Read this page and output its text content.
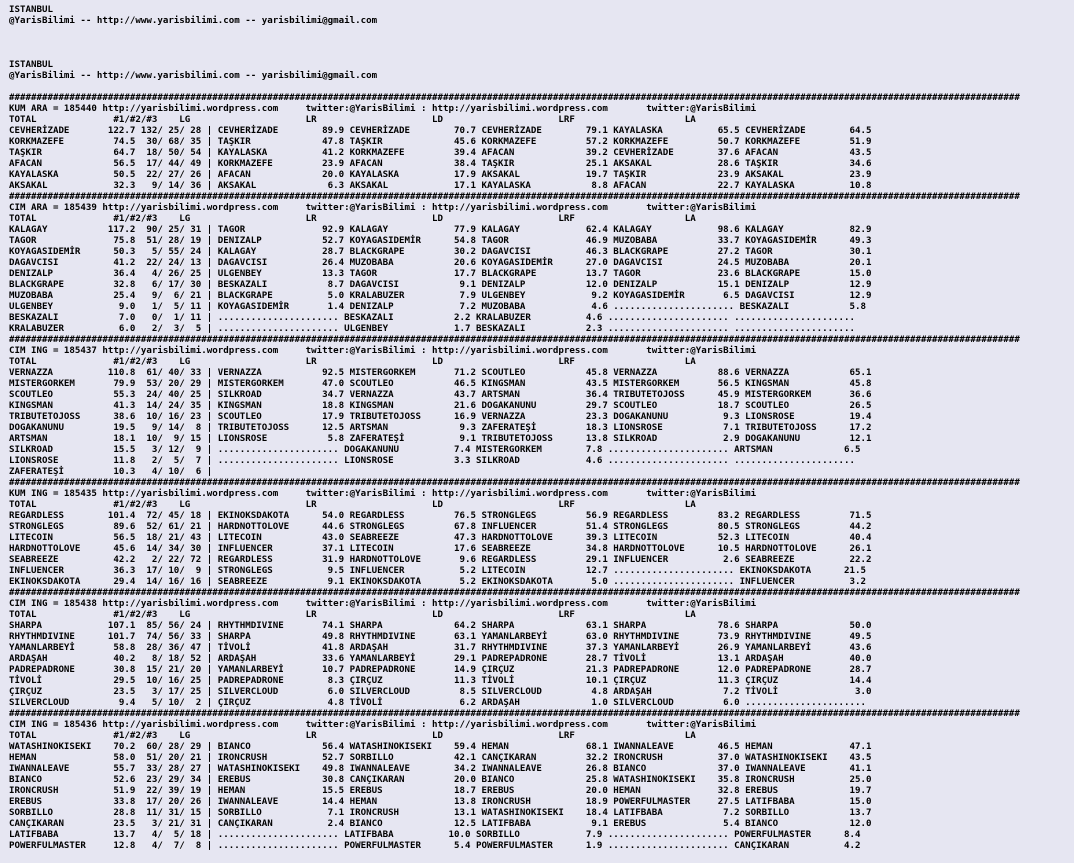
ISTANBUL
@YarisBilimi -- http://www.yarisbilimi.com -- yarisbilimi@gmail.com

ISTANBUL
@YarisBilimi -- http://www.yarisbilimi.com -- yarisbilimi@gmail.com

########################################################################################################################################################################################
KUM ARA = 185440 http://yarisbilimi.wordpress.com     twitter:@YarisBilimi : http://yarisbilimi.wordpress.com       twitter:@YarisBilimi
TOTAL              #1/#2/#3    LG                     LR                     LD                     LRF                    LA
CEVHERİZADE       122.7 132/ 25/ 28 | CEVHERİZADE        89.9 CEVHERİZADE        70.7 CEVHERİZADE        79.1 KAYALASKA          65.5 CEVHERİZADE        64.5
KORKMAZEFE         74.5  30/ 68/ 35 | TAŞKIR             47.8 TAŞKIR             45.6 KORKMAZEFE         57.2 KORKMAZEFE         50.7 KORKMAZEFE         51.9
TAŞKIR             64.7  18/ 50/ 54 | KAYALASKA          41.2 KORKMAZEFE         39.4 AFACAN             39.2 CEVHERİZADE        37.6 AFACAN             43.5
AFACAN             56.5  17/ 44/ 49 | KORKMAZEFE         23.9 AFACAN             38.4 TAŞKIR             25.1 AKSAKAL            28.6 TAŞKIR             34.6
KAYALASKA          50.5  22/ 27/ 26 | AFACAN             20.0 KAYALASKA          17.9 AKSAKAL            19.7 TAŞKIR             23.9 AKSAKAL            23.9
AKSAKAL            32.3   9/ 14/ 36 | AKSAKAL             6.3 AKSAKAL            17.1 KAYALASKA           8.8 AFACAN             22.7 KAYALASKA          10.8
########################################################################################################################################################################################
CIM ARA = 185439 http://yarisbilimi.wordpress.com     twitter:@YarisBilimi : http://yarisbilimi.wordpress.com       twitter:@YarisBilimi
TOTAL              #1/#2/#3    LG                     LR                     LD                     LRF                    LA
KALAGAY           117.2  90/ 25/ 31 | TAGOR              92.9 KALAGAY            77.9 KALAGAY            62.4 KALAGAY            98.6 KALAGAY            82.9
TAGOR              75.8  51/ 28/ 19 | DENIZALP           52.7 KOYAGASIDEMİR      54.8 TAGOR              46.9 MUZOBABA           33.7 KOYAGASIDEMİR      49.3
KOYAGASIDEMİR      50.3   5/ 55/ 24 | KALAGAY            28.7 BLACKGRAPE         30.2 DAGAVCISI          46.3 BLACKGRAPE         27.2 TAGOR              30.1
DAGAVCISI          41.2  22/ 24/ 13 | DAGAVCISI          26.4 MUZOBABA           20.6 KOYAGASIDEMİR      27.0 DAGAVCISI          24.5 MUZOBABA           20.1
DENIZALP           36.4   4/ 26/ 25 | ULGENBEY           13.3 TAGOR              17.7 BLACKGRAPE         13.7 TAGOR              23.6 BLACKGRAPE         15.0
BLACKGRAPE         32.8   6/ 17/ 30 | BESKAZALI           8.7 DAGAVCISI           9.1 DENIZALP           12.0 DENIZALP           15.1 DENIZALP           12.9
MUZOBABA           25.4   9/  6/ 21 | BLACKGRAPE          5.0 KRALABUZER          7.9 ULGENBEY            9.2 KOYAGASIDEMİR       6.5 DAGAVCISI          12.9
ULGENBEY            9.0   1/  5/ 11 | KOYAGASIDEMİR       1.4 DENIZALP            7.2 MUZOBABA            4.6 ...................... BESKAZALI           5.8
BESKAZALI           7.0   0/  1/ 11 | ...................... BESKAZALI           2.2 KRALABUZER          4.6 ...................... ......................
KRALABUZER          6.0   2/  3/  5 | ...................... ULGENBEY            1.7 BESKAZALI           2.3 ...................... ......................
########################################################################################################################################################################################
CIM ING = 185437 http://yarisbilimi.wordpress.com     twitter:@YarisBilimi : http://yarisbilimi.wordpress.com       twitter:@YarisBilimi
TOTAL              #1/#2/#3    LG                     LR                     LD                     LRF                    LA
VERNAZZA          110.8  61/ 40/ 33 | VERNAZZA           92.5 MISTERGORKEM       71.2 SCOUTLEO           45.8 VERNAZZA           88.6 VERNAZZA           65.1
MISTERGORKEM       79.9  53/ 20/ 29 | MISTERGORKEM       47.0 SCOUTLEO           46.5 KINGSMAN           43.5 MISTERGORKEM       56.5 KINGSMAN           45.8
SCOUTLEO           55.3  24/ 40/ 25 | SILKROAD           34.7 VERNAZZA           43.7 ARTSMAN            36.4 TRIBUTETOJOSS      45.9 MISTERGORKEM       36.6
KINGSMAN           41.3  14/ 24/ 35 | KINGSMAN           18.8 KINGSMAN           21.6 DOGAKANUNU         29.7 SCOUTLEO           18.7 SCOUTLEO           26.5
TRIBUTETOJOSS      38.6  10/ 16/ 23 | SCOUTLEO           17.9 TRIBUTETOJOSS      16.9 VERNAZZA           23.3 DOGAKANUNU          9.3 LIONSROSE          19.4
DOGAKANUNU         19.5   9/ 14/  8 | TRIBUTETOJOSS      12.5 ARTSMAN             9.3 ZAFERATEŞİ         18.3 LIONSROSE           7.1 TRIBUTETOJOSS      17.2
ARTSMAN            18.1  10/  9/ 15 | LIONSROSE           5.8 ZAFERATEŞİ          9.1 TRIBUTETOJOSS      13.8 SILKROAD            2.9 DOGAKANUNU         12.1
SILKROAD           15.5   3/ 12/  9 | ...................... DOGAKANUNU          7.4 MISTERGORKEM        7.8 ...................... ARTSMAN             6.5
LIONSROSE          11.8   2/  5/  7 | ...................... LIONSROSE           3.3 SILKROAD            4.6 ...................... ......................
ZAFERATEŞİ         10.3   4/ 10/  6 |
########################################################################################################################################################################################
KUM ING = 185435 http://yarisbilimi.wordpress.com     twitter:@YarisBilimi : http://yarisbilimi.wordpress.com       twitter:@YarisBilimi
TOTAL              #1/#2/#3    LG                     LR                     LD                     LRF                    LA
REGARDLESS        101.4  72/ 45/ 18 | EKINOKSDAKOTA      54.0 REGARDLESS         76.5 STRONGLEGS         56.9 REGARDLESS         83.2 REGARDLESS         71.5
STRONGLEGS         89.6  52/ 61/ 21 | HARDNOTTOLOVE      44.6 STRONGLEGS         67.8 INFLUENCER         51.4 STRONGLEGS         80.5 STRONGLEGS         44.2
LITECOIN           56.5  18/ 21/ 43 | LITECOIN           43.0 SEABREEZE          47.3 HARDNOTTOLOVE      39.3 LITECOIN           52.3 LITECOIN           40.4
HARDNOTTOLOVE      45.6  14/ 34/ 30 | INFLUENCER         37.1 LITECOIN           17.6 SEABREEZE          34.8 HARDNOTTOLOVE      10.5 HARDNOTTOLOVE      26.1
SEABREEZE          42.2   2/ 22/ 72 | REGARDLESS         31.9 HARDNOTTOLOVE       9.6 REGARDLESS         29.1 INFLUENCER          2.6 SEABREEZE          22.2
INFLUENCER         36.3  17/ 10/  9 | STRONGLEGS          9.5 INFLUENCER          5.2 LITECOIN           12.7 ...................... EKINOKSDAKOTA      21.5
EKINOKSDAKOTA      29.4  14/ 16/ 16 | SEABREEZE           9.1 EKINOKSDAKOTA       5.2 EKINOKSDAKOTA       5.0 ...................... INFLUENCER          3.2
########################################################################################################################################################################################
CIM ING = 185438 http://yarisbilimi.wordpress.com     twitter:@YarisBilimi : http://yarisbilimi.wordpress.com       twitter:@YarisBilimi
TOTAL              #1/#2/#3    LG                     LR                     LD                     LRF                    LA
SHARPA            107.1  85/ 56/ 24 | RHYTHMDIVINE       74.1 SHARPA             64.2 SHARPA             63.1 SHARPA             78.6 SHARPA             50.0
RHYTHMDIVINE      101.7  74/ 56/ 33 | SHARPA             49.8 RHYTHMDIVINE       63.1 YAMANLARBEYİ       63.0 RHYTHMDIVINE       73.9 RHYTHMDIVINE       49.5
YAMANLARBEYİ       58.8  28/ 36/ 47 | TİVOLİ             41.8 ARDAŞAH            31.7 RHYTHMDIVINE       37.3 YAMANLARBEYİ       26.9 YAMANLARBEYİ       43.6
ARDAŞAH            40.2   8/ 18/ 52 | ARDAŞAH            33.6 YAMANLARBEYİ       29.1 PADREPADRONE       28.7 TİVOLİ             13.1 ARDAŞAH            40.0
PADREPADRONE       30.8  15/ 21/ 20 | YAMANLARBEYİ       10.7 PADREPADRONE       14.9 ÇIRÇUZ             21.3 PADREPADRONE       12.0 PADREPADRONE       28.7
TİVOLİ             29.5  10/ 16/ 25 | PADREPADRONE        8.3 ÇIRÇUZ             11.3 TİVOLİ             10.1 ÇIRÇUZ             11.3 ÇIRÇUZ             14.4
ÇIRÇUZ             23.5   3/ 17/ 25 | SILVERCLOUD         6.0 SILVERCLOUD         8.5 SILVERCLOUD         4.8 ARDAŞAH             7.2 TİVOLİ              3.0
SILVERCLOUD         9.4   5/ 10/  2 | ÇIRÇUZ              4.8 TİVOLİ              6.2 ARDAŞAH             1.0 SILVERCLOUD         6.0 ......................
########################################################################################################################################################################################
CIM ING = 185436 http://yarisbilimi.wordpress.com     twitter:@YarisBilimi : http://yarisbilimi.wordpress.com       twitter:@YarisBilimi
TOTAL              #1/#2/#3    LG                     LR                     LD                     LRF                    LA
WATASHINOKISEKI    70.2  60/ 28/ 29 | BIANCO             56.4 WATASHINOKISEKI    59.4 HEMAN              68.1 IWANNALEAVE        46.5 HEMAN              47.1
HEMAN              58.0  51/ 20/ 21 | IRONCRUSH          52.7 SORBILLO           42.1 CANÇIKARAN         32.2 IRONCRUSH          37.0 WATASHINOKISEKI    43.5
IWANNALEAVE        55.7  33/ 28/ 27 | WATASHINOKISEKI    49.8 IWANNALEAVE        34.2 IWANNALEAVE        26.8 BIANCO             37.0 IWANNALEAVE        41.1
BIANCO             52.6  23/ 29/ 34 | EREBUS             30.8 CANÇIKARAN         20.0 BIANCO             25.8 WATASHINOKISEKI    35.8 IRONCRUSH          25.0
IRONCRUSH          51.9  22/ 39/ 19 | HEMAN              15.5 EREBUS             18.7 EREBUS             20.0 HEMAN              32.8 EREBUS             19.7
EREBUS             33.8  17/ 20/ 26 | IWANNALEAVE        14.4 HEMAN              13.8 IRONCRUSH          18.9 POWERFULMASTER     27.5 LATIFBABA          15.0
SORBILLO           28.8  11/ 31/ 15 | SORBILLO            7.1 IRONCRUSH          13.1 WATASHINOKISEKI    18.4 LATIFBABA           7.2 SORBILLO           13.7
CANÇIKARAN         23.5   3/ 21/ 31 | CANÇIKARAN          2.4 BIANCO             12.5 LATIFBABA           9.1 EREBUS              5.4 BIANCO             12.0
LATIFBABA          13.7   4/  5/ 18 | ...................... LATIFBABA          10.0 SORBILLO            7.9 ...................... POWERFULMASTER      8.4
POWERFULMASTER     12.8   4/  7/  8 | ...................... POWERFULMASTER      5.4 POWERFULMASTER      1.9 ...................... CANÇIKARAN          4.2
